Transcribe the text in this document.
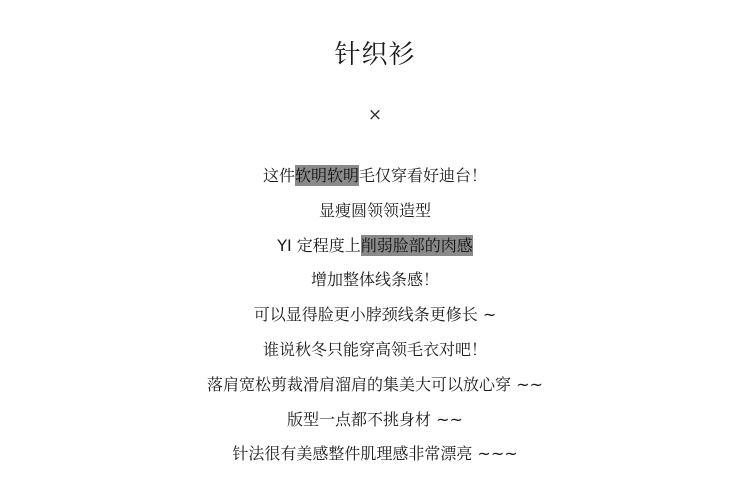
针织衫
×
这件软明软明毛仅穿看好迪台！
显瘦圆领领造型
YI 定程度上削弱脸部的肉感
增加整体线条感！
可以显得脸更小脖颈线条更修长 ~
谁说秋冬只能穿高领毛衣对吧！
落肩宽松剪裁滑肩溜肩的集美大可以放心穿 ~~
版型一点都不挑身材 ~~
针法很有美感整件肌理感非常漂亮 ~~~
